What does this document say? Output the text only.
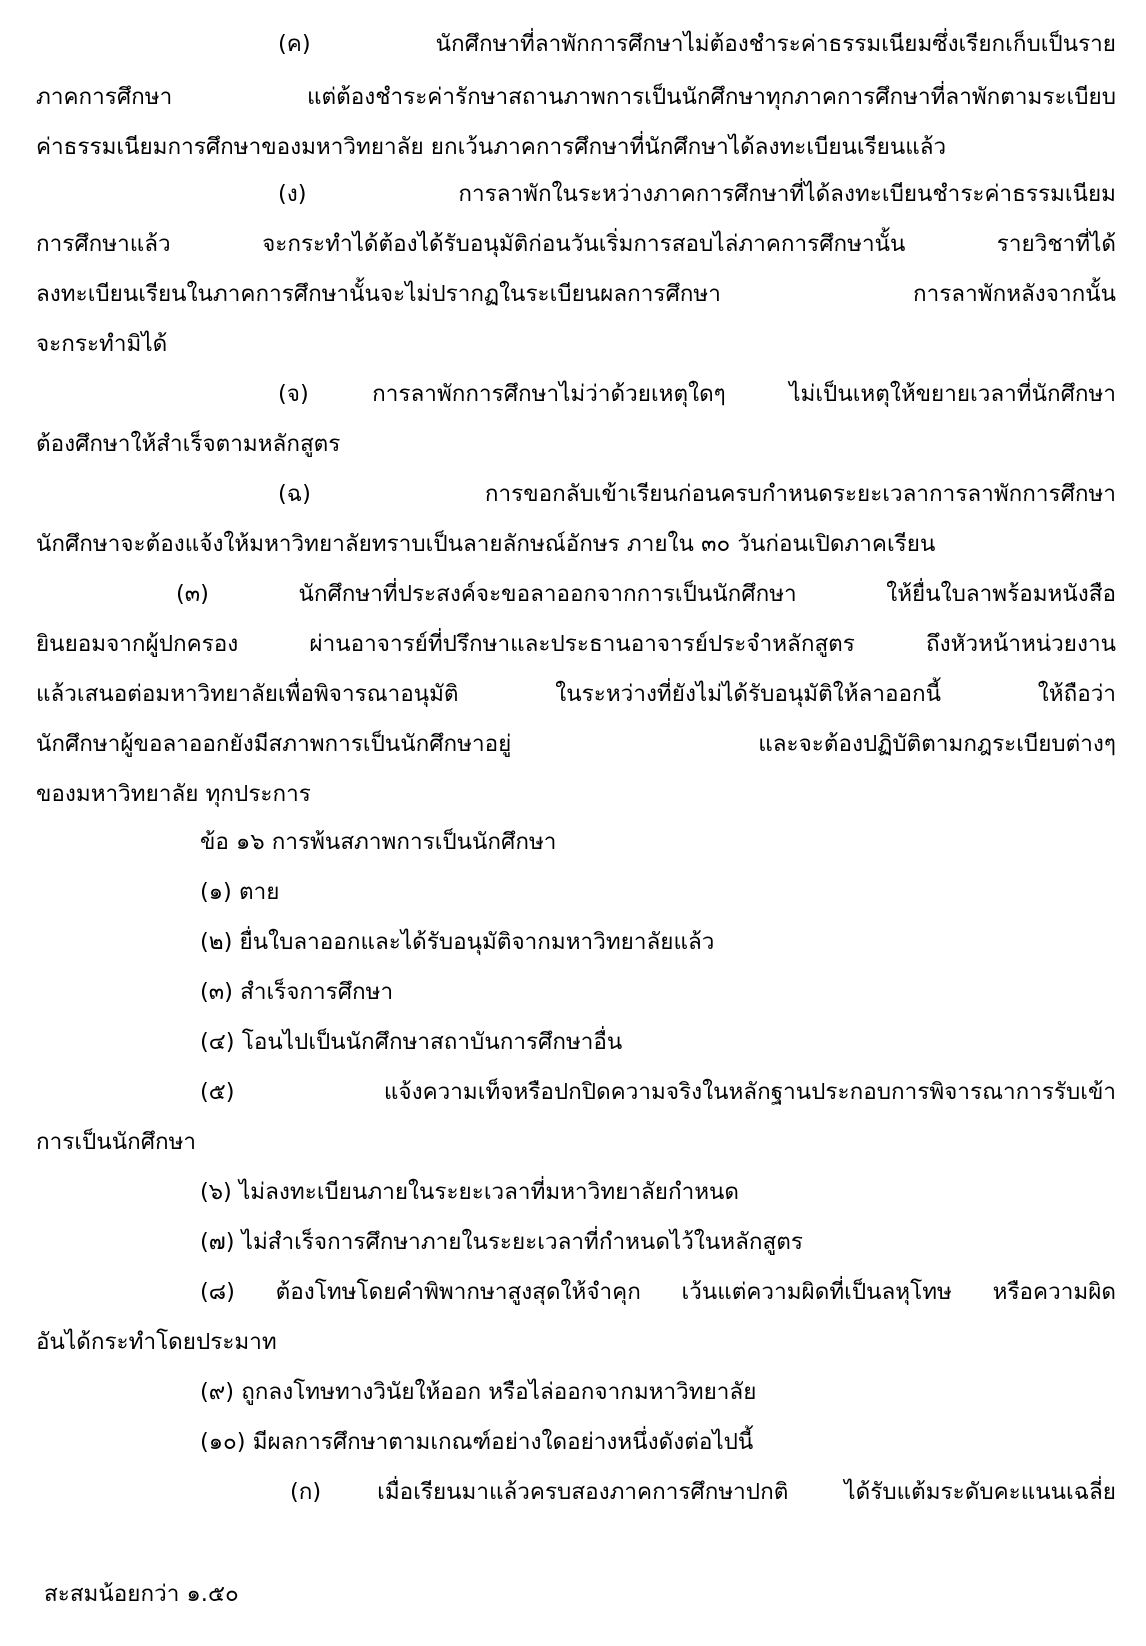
(ค) นักศึกษาที่ลาพักการศึกษาไม่ต้องชำระค่าธรรมเนียมซึ่งเรียกเก็บเป็นราย

ภาคการศึกษา แต่ต้องชำระค่ารักษาสถานภาพการเป็นนักศึกษาทุกภาคการศึกษาที่ลาพักตามระเบียบ

ค่าธรรมเนียมการศึกษาของมหาวิทยาลัย ยกเว้นภาคการศึกษาที่นักศึกษาได้ลงทะเบียนเรียนแล้ว

(ง) การลาพักในระหว่างภาคการศึกษาที่ได้ลงทะเบียนชำระค่าธรรมเนียม

การศึกษาแล้ว จะกระทำได้ต้องได้รับอนุมัติก่อนวันเริ่มการสอบไล่ภาคการศึกษานั้น รายวิชาที่ได้

ลงทะเบียนเรียนในภาคการศึกษานั้นจะไม่ปรากฏในระเบียนผลการศึกษา การลาพักหลังจากนั้น

จะกระทำมิได้

(จ) การลาพักการศึกษาไม่ว่าด้วยเหตุใดๆ ไม่เป็นเหตุให้ขยายเวลาที่นักศึกษา

ต้องศึกษาให้สำเร็จตามหลักสูตร

(ฉ) การขอกลับเข้าเรียนก่อนครบกำหนดระยะเวลาการลาพักการศึกษา

นักศึกษาจะต้องแจ้งให้มหาวิทยาลัยทราบเป็นลายลักษณ์อักษร ภายใน ๓๐ วันก่อนเปิดภาคเรียน

(๓) นักศึกษาที่ประสงค์จะขอลาออกจากการเป็นนักศึกษา ให้ยื่นใบลาพร้อมหนังสือ

ยินยอมจากผู้ปกครอง ผ่านอาจารย์ที่ปรึกษาและประธานอาจารย์ประจำหลักสูตร ถึงหัวหน้าหน่วยงาน

แล้วเสนอต่อมหาวิทยาลัยเพื่อพิจารณาอนุมัติ ในระหว่างที่ยังไม่ได้รับอนุมัติให้ลาออกนี้ ให้ถือว่า

นักศึกษาผู้ขอลาออกยังมีสภาพการเป็นนักศึกษาอยู่ และจะต้องปฏิบัติตามกฎระเบียบต่างๆ

ของมหาวิทยาลัย ทุกประการ

ข้อ ๑๖ การพ้นสภาพการเป็นนักศึกษา

(๑) ตาย

(๒) ยื่นใบลาออกและได้รับอนุมัติจากมหาวิทยาลัยแล้ว

(๓) สำเร็จการศึกษา

(๔) โอนไปเป็นนักศึกษาสถาบันการศึกษาอื่น

(๕) แจ้งความเท็จหรือปกปิดความจริงในหลักฐานประกอบการพิจารณาการรับเข้า

การเป็นนักศึกษา

(๖) ไม่ลงทะเบียนภายในระยะเวลาที่มหาวิทยาลัยกำหนด

(๗) ไม่สำเร็จการศึกษาภายในระยะเวลาที่กำหนดไว้ในหลักสูตร

(๘) ต้องโทษโดยคำพิพากษาสูงสุดให้จำคุก เว้นแต่ความผิดที่เป็นลหุโทษ หรือความผิด

อันได้กระทำโดยประมาท

(๙) ถูกลงโทษทางวินัยให้ออก หรือไล่ออกจากมหาวิทยาลัย

(๑๐) มีผลการศึกษาตามเกณฑ์อย่างใดอย่างหนึ่งดังต่อไปนี้

(ก) เมื่อเรียนมาแล้วครบสองภาคการศึกษาปกติ ได้รับแต้มระดับคะแนนเฉลี่ย

สะสมน้อยกว่า ๑.๕๐
